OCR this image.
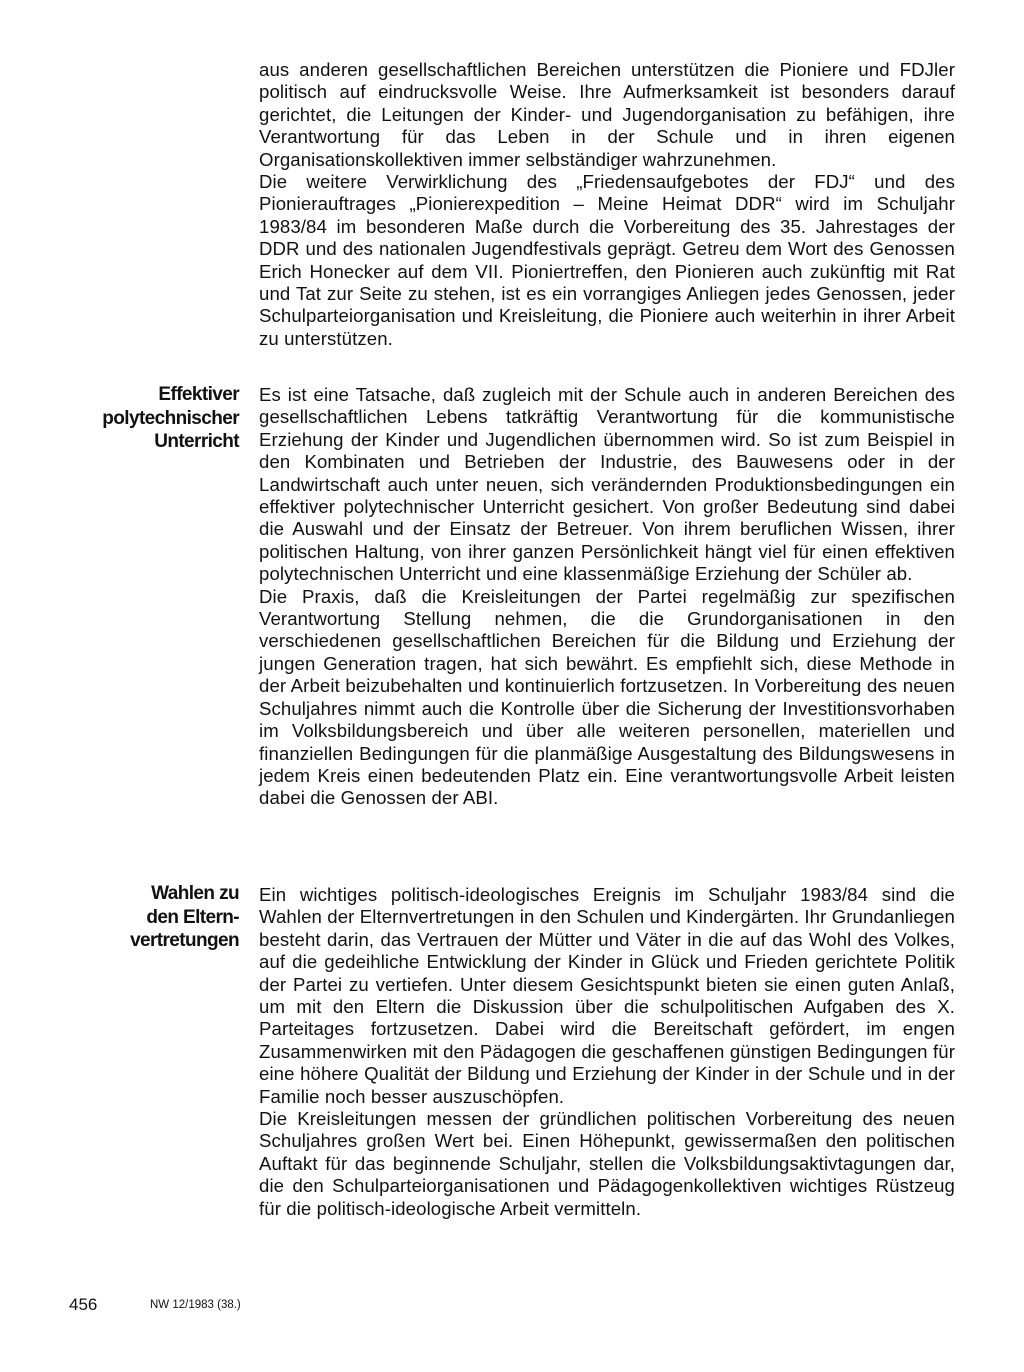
aus anderen gesellschaftlichen Bereichen unterstützen die Pioniere und FDJler politisch auf eindrucksvolle Weise. Ihre Aufmerksamkeit ist besonders darauf gerichtet, die Leitungen der Kinder- und Jugendorganisation zu befähigen, ihre Verantwortung für das Leben in der Schule und in ihren eigenen Organisationskollektiven immer selbständiger wahrzunehmen.

Die weitere Verwirklichung des „Friedensaufgebotes der FDJ“ und des Pionierauftrages „Pionierexpedition – Meine Heimat DDR“ wird im Schuljahr 1983/84 im besonderen Maße durch die Vorbereitung des 35. Jahrestages der DDR und des nationalen Jugendfestivals geprägt. Getreu dem Wort des Genossen Erich Honecker auf dem VII. Pioniertreffen, den Pionieren auch zukünftig mit Rat und Tat zur Seite zu stehen, ist es ein vorrangiges Anliegen jedes Genossen, jeder Schulparteiorganisation und Kreisleitung, die Pioniere auch weiterhin in ihrer Arbeit zu unterstützen.

Effektiver
polytechnischer
Unterricht

Es ist eine Tatsache, daß zugleich mit der Schule auch in anderen Bereichen des gesellschaftlichen Lebens tatkräftig Verantwortung für die kommunistische Erziehung der Kinder und Jugendlichen übernommen wird. So ist zum Beispiel in den Kombinaten und Betrieben der Industrie, des Bauwesens oder in der Landwirtschaft auch unter neuen, sich verändernden Produktionsbedingungen ein effektiver polytechnischer Unterricht gesichert. Von großer Bedeutung sind dabei die Auswahl und der Einsatz der Betreuer. Von ihrem beruflichen Wissen, ihrer politischen Haltung, von ihrer ganzen Persönlichkeit hängt viel für einen effektiven polytechnischen Unterricht und eine klassenmäßige Erziehung der Schüler ab.

Die Praxis, daß die Kreisleitungen der Partei regelmäßig zur spezifischen Verantwortung Stellung nehmen, die die Grundorganisationen in den verschiedenen gesellschaftlichen Bereichen für die Bildung und Erziehung der jungen Generation tragen, hat sich bewährt. Es empfiehlt sich, diese Methode in der Arbeit beizubehalten und kontinuierlich fortzusetzen. In Vorbereitung des neuen Schuljahres nimmt auch die Kontrolle über die Sicherung der Investitionsvorhaben im Volksbildungsbereich und über alle weiteren personellen, materiellen und finanziellen Bedingungen für die planmäßige Ausgestaltung des Bildungswesens in jedem Kreis einen bedeutenden Platz ein. Eine verantwortungsvolle Arbeit leisten dabei die Genossen der ABI.

Wahlen zu
den Eltern-
vertretungen

Ein wichtiges politisch-ideologisches Ereignis im Schuljahr 1983/84 sind die Wahlen der Elternvertretungen in den Schulen und Kindergärten. Ihr Grundanliegen besteht darin, das Vertrauen der Mütter und Väter in die auf das Wohl des Volkes, auf die gedeihliche Entwicklung der Kinder in Glück und Frieden gerichtete Politik der Partei zu vertiefen. Unter diesem Gesichtspunkt bieten sie einen guten Anlaß, um mit den Eltern die Diskussion über die schulpolitischen Aufgaben des X. Parteitages fortzusetzen. Dabei wird die Bereitschaft gefördert, im engen Zusammenwirken mit den Pädagogen die geschaffenen günstigen Bedingungen für eine höhere Qualität der Bildung und Erziehung der Kinder in der Schule und in der Familie noch besser auszuschöpfen.

Die Kreisleitungen messen der gründlichen politischen Vorbereitung des neuen Schuljahres großen Wert bei. Einen Höhepunkt, gewissermaßen den politischen Auftakt für das beginnende Schuljahr, stellen die Volksbildungsaktivtagungen dar, die den Schulparteiorganisationen und Pädagogenkollektiven wichtiges Rüstzeug für die politisch-ideologische Arbeit vermitteln.

456	NW 12/1983 (38.)
